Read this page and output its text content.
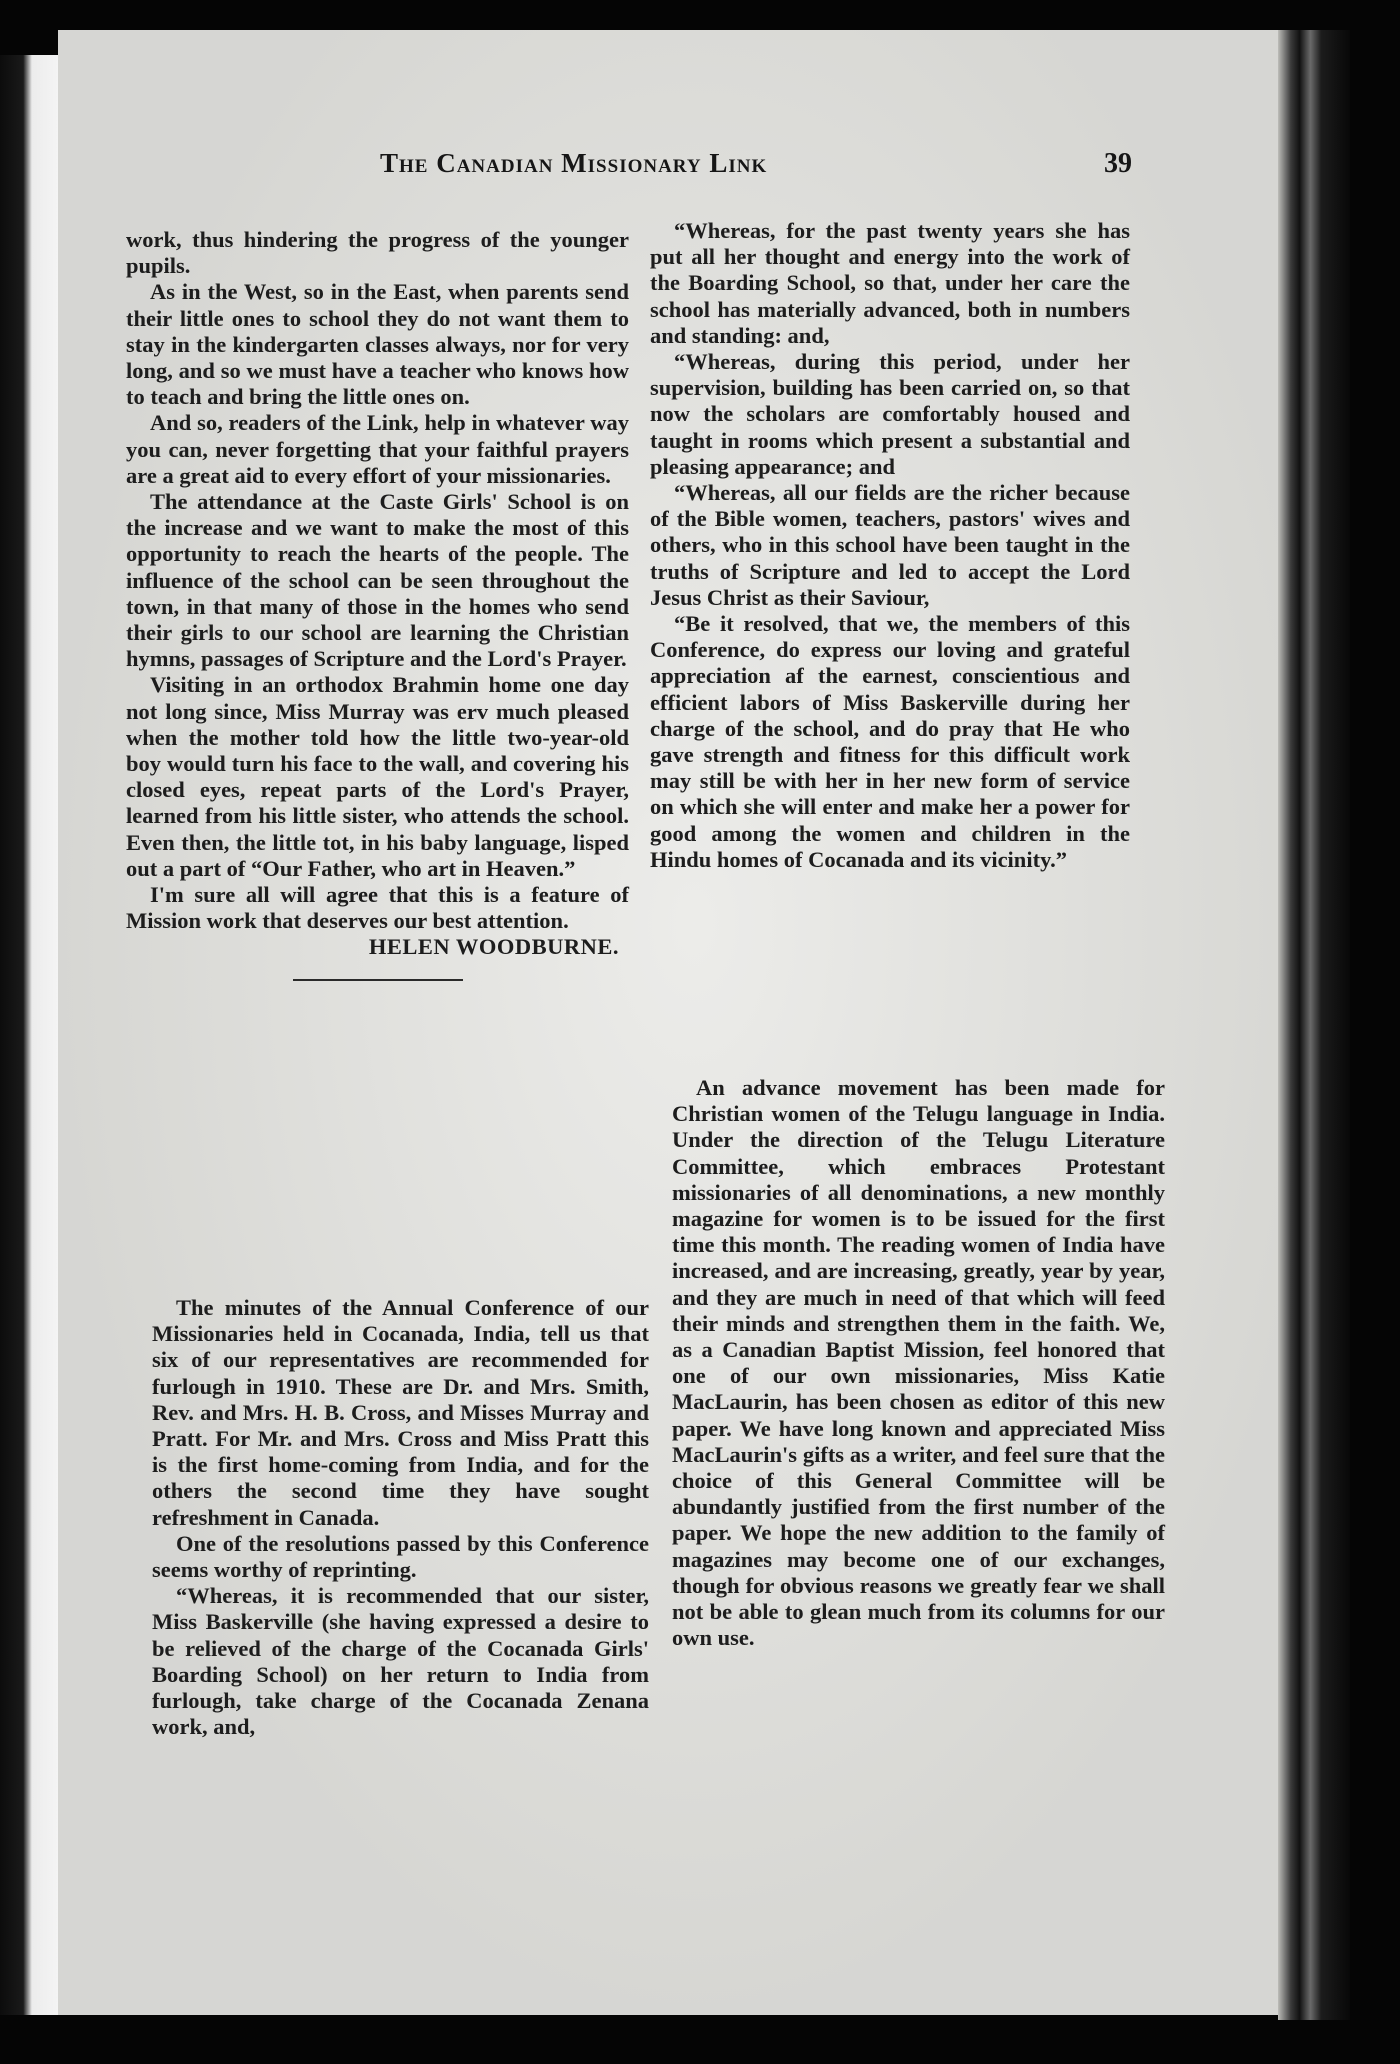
The Canadian Missionary Link	39

work, thus hindering the progress of the younger pupils.

As in the West, so in the East, when parents send their little ones to school they do not want them to stay in the kindergarten classes always, nor for very long, and so we must have a teacher who knows how to teach and bring the little ones on.

And so, readers of the Link, help in whatever way you can, never forgetting that your faithful prayers are a great aid to every effort of your missionaries.

The attendance at the Caste Girls' School is on the increase and we want to make the most of this opportunity to reach the hearts of the people. The influence of the school can be seen throughout the town, in that many of those in the homes who send their girls to our school are learning the Christian hymns, passages of Scripture and the Lord's Prayer.

Visiting in an orthodox Brahmin home one day not long since, Miss Murray was erv much pleased when the mother told how the little two-year-old boy would turn his face to the wall, and covering his closed eyes, repeat parts of the Lord's Prayer, learned from his little sister, who attends the school. Even then, the little tot, in his baby language, lisped out a part of “Our Father, who art in Heaven.”

I'm sure all will agree that this is a feature of Mission work that deserves our best attention.

HELEN WOODBURNE.

The minutes of the Annual Conference of our Missionaries held in Cocanada, India, tell us that six of our representatives are recommended for furlough in 1910. These are Dr. and Mrs. Smith, Rev. and Mrs. H. B. Cross, and Misses Murray and Pratt. For Mr. and Mrs. Cross and Miss Pratt this is the first home-coming from India, and for the others the second time they have sought refreshment in Canada.

One of the resolutions passed by this Conference seems worthy of reprinting.

“Whereas, it is recommended that our sister, Miss Baskerville (she having expressed a desire to be relieved of the charge of the Cocanada Girls' Boarding School) on her return to India from furlough, take charge of the Cocanada Zenana work, and,

“Whereas, for the past twenty years she has put all her thought and energy into the work of the Boarding School, so that, under her care the school has materially advanced, both in numbers and standing: and,

“Whereas, during this period, under her supervision, building has been carried on, so that now the scholars are comfortably housed and taught in rooms which present a substantial and pleasing appearance; and

“Whereas, all our fields are the richer because of the Bible women, teachers, pastors' wives and others, who in this school have been taught in the truths of Scripture and led to accept the Lord Jesus Christ as their Saviour,

“Be it resolved, that we, the members of this Conference, do express our loving and grateful appreciation af the earnest, conscientious and efficient labors of Miss Baskerville during her charge of the school, and do pray that He who gave strength and fitness for this difficult work may still be with her in her new form of service on which she will enter and make her a power for good among the women and children in the Hindu homes of Cocanada and its vicinity.”

An advance movement has been made for Christian women of the Telugu language in India. Under the direction of the Telugu Literature Committee, which embraces Protestant missionaries of all denominations, a new monthly magazine for women is to be issued for the first time this month. The reading women of India have increased, and are increasing, greatly, year by year, and they are much in need of that which will feed their minds and strengthen them in the faith. We, as a Canadian Baptist Mission, feel honored that one of our own missionaries, Miss Katie MacLaurin, has been chosen as editor of this new paper. We have long known and appreciated Miss MacLaurin's gifts as a writer, and feel sure that the choice of this General Committee will be abundantly justified from the first number of the paper. We hope the new addition to the family of magazines may become one of our exchanges, though for obvious reasons we greatly fear we shall not be able to glean much from its columns for our own use.
